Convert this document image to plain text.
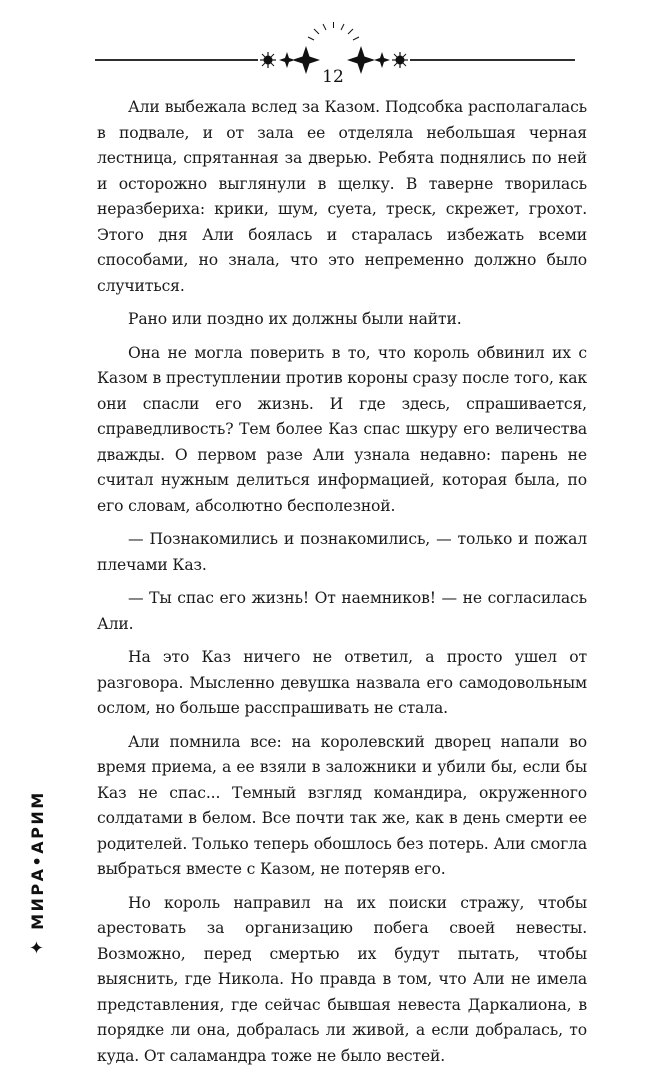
12

Али выбежала вслед за Казом. Подсобка располагалась в подвале, и от зала ее отделяла небольшая черная лестница, спрятанная за дверью. Ребята поднялись по ней и осторожно выглянули в щелку. В таверне творилась неразбериха: крики, шум, суета, треск, скрежет, грохот. Этого дня Али боялась и старалась избежать всеми способами, но знала, что это непременно должно было случиться.

Рано или поздно их должны были найти.

Она не могла поверить в то, что король обвинил их с Казом в преступлении против короны сразу после того, как они спасли его жизнь. И где здесь, спрашивается, справедливость? Тем более Каз спас шкуру его величества дважды. О первом разе Али узнала недавно: парень не считал нужным делиться информацией, которая была, по его словам, абсолютно бесполезной.

— Познакомились и познакомились, — только и пожал плечами Каз.

— Ты спас его жизнь! От наемников! — не согласилась Али.

На это Каз ничего не ответил, а просто ушел от разговора. Мысленно девушка назвала его самодовольным ослом, но больше расспрашивать не стала.

Али помнила все: на королевский дворец напали во время приема, а ее взяли в заложники и убили бы, если бы Каз не спас... Темный взгляд командира, окруженного солдатами в белом. Все почти так же, как в день смерти ее родителей. Только теперь обошлось без потерь. Али смогла выбраться вместе с Казом, не потеряв его.

Но король направил на их поиски стражу, чтобы арестовать за организацию побега своей невесты. Возможно, перед смертью их будут пытать, чтобы выяснить, где Никола. Но правда в том, что Али не имела представления, где сейчас бывшая невеста Даркалиона, в порядке ли она, добралась ли живой, а если добралась, то куда. От саламандра тоже не было вестей.

✦
МИРА•АРИМ
